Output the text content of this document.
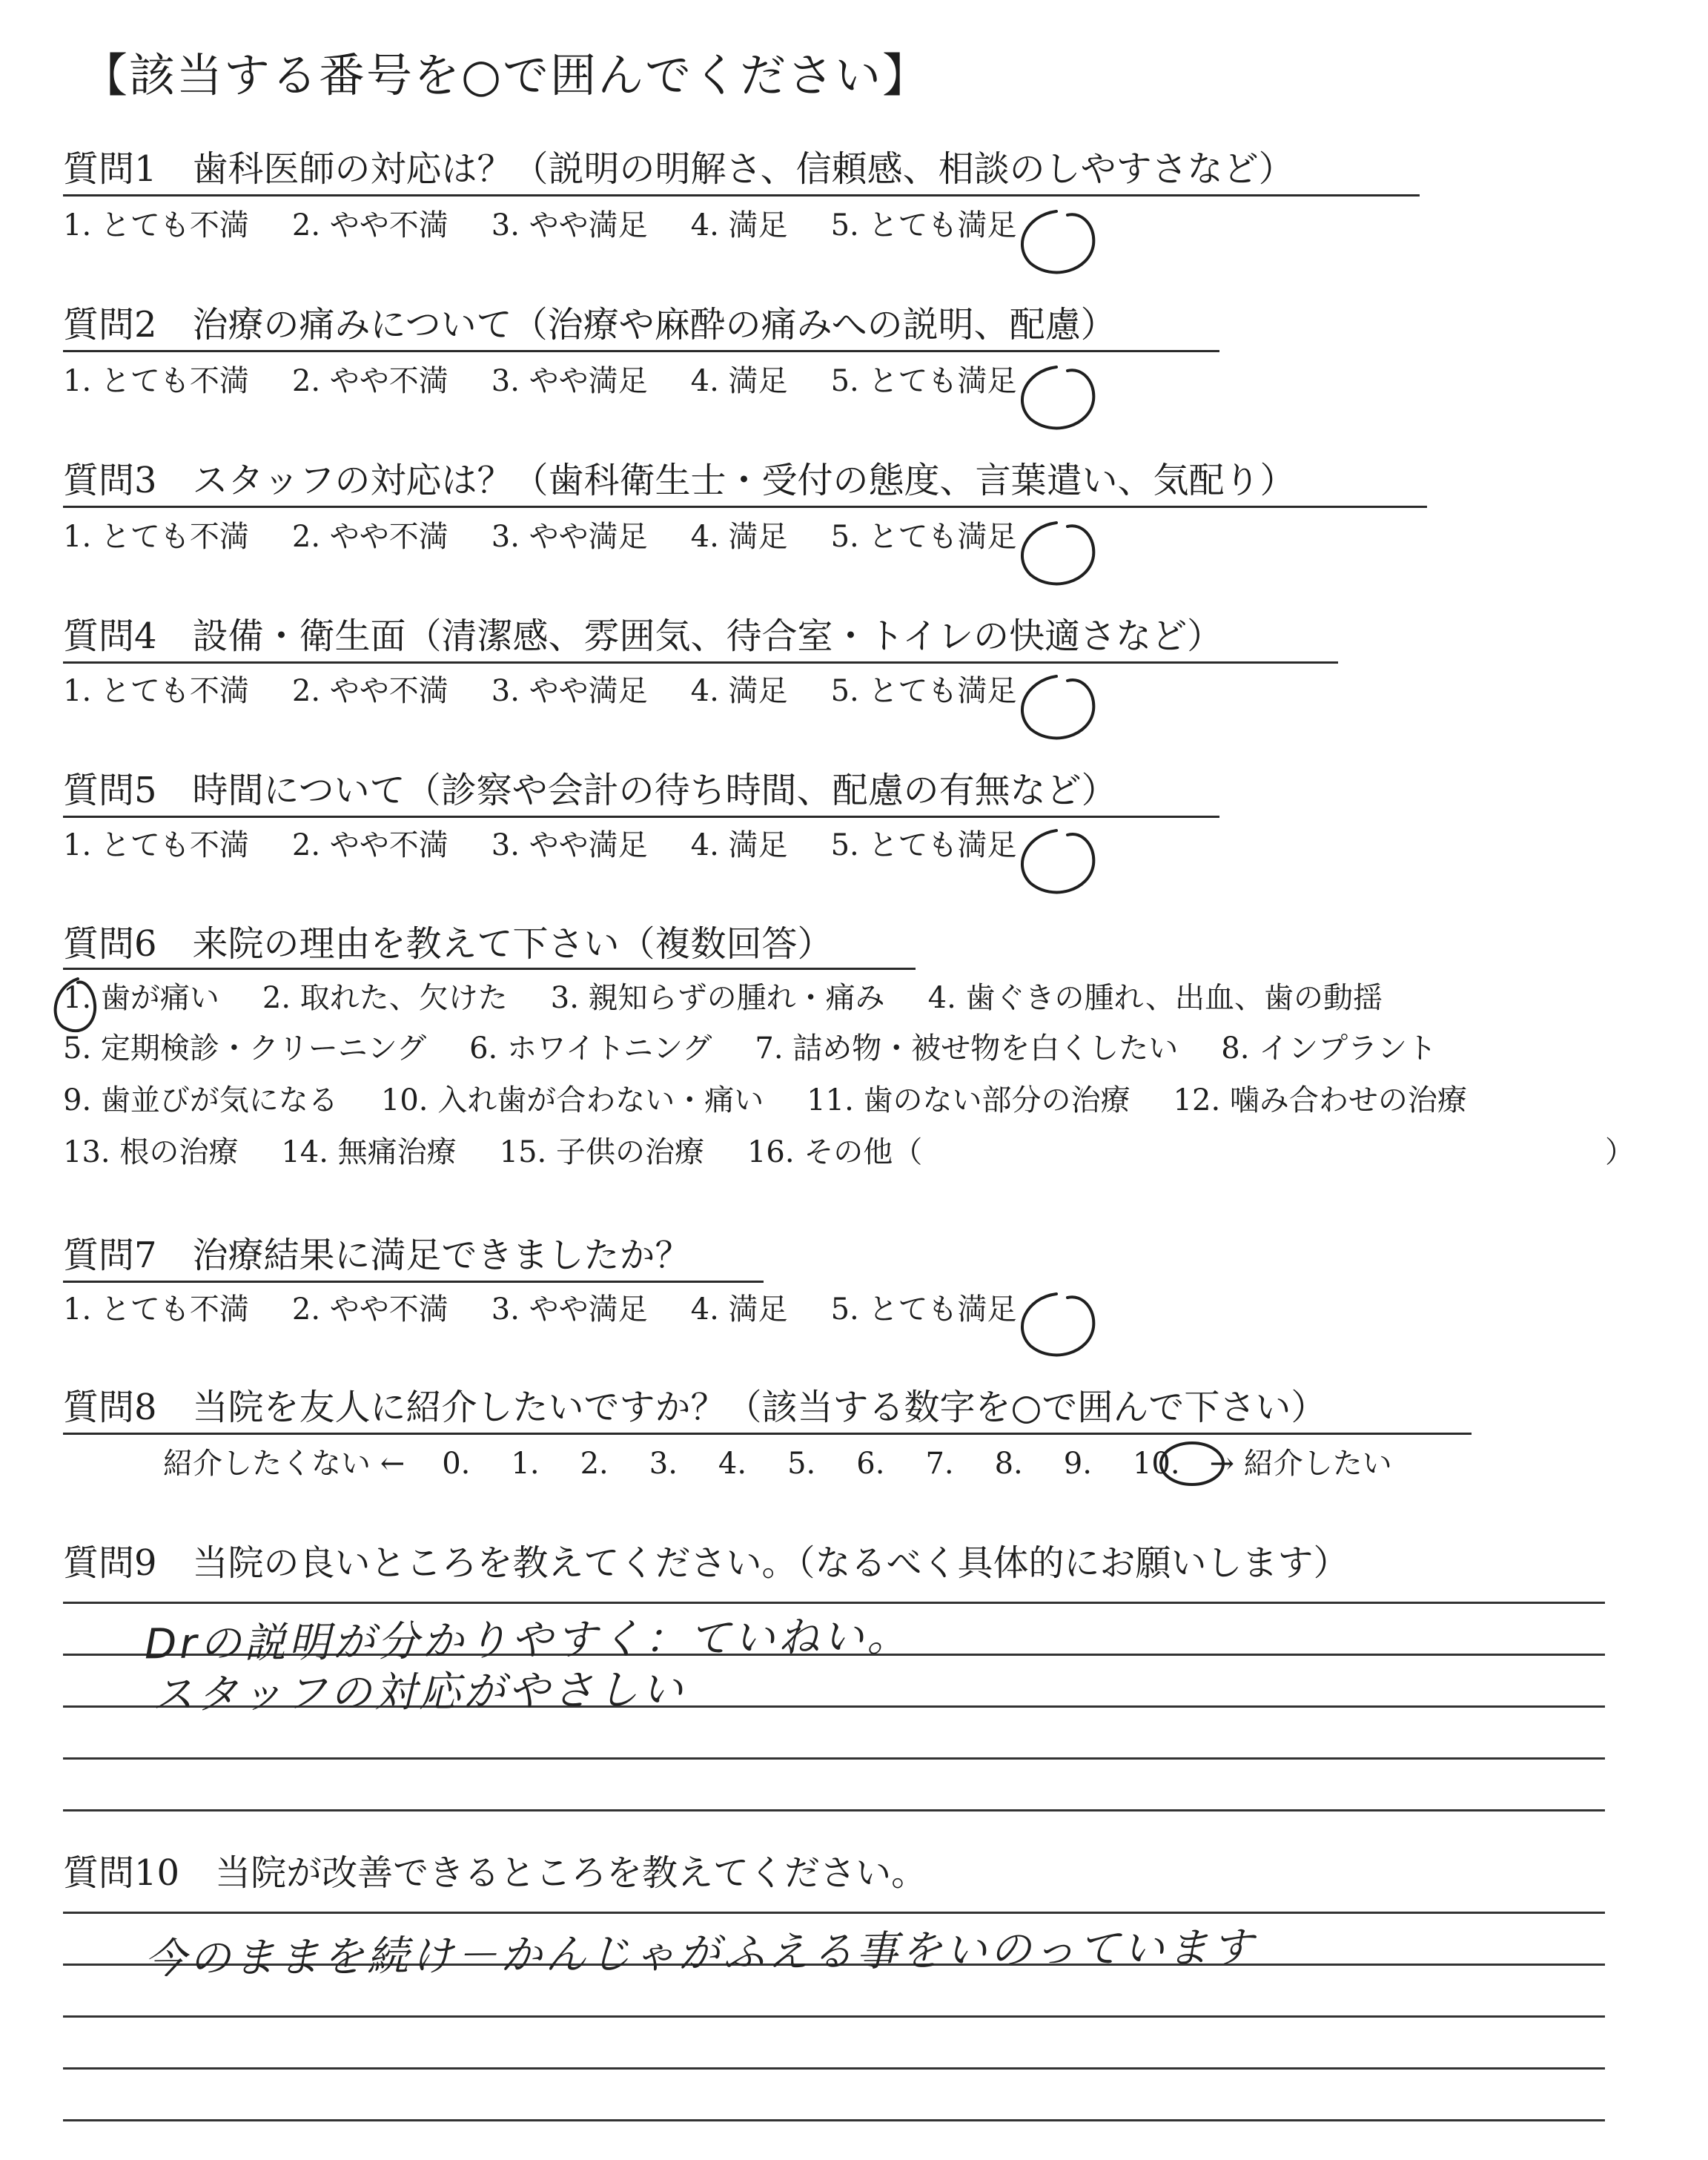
【該当する番号を○で囲んでください】
質問1　歯科医師の対応は？（説明の明解さ、信頼感、相談のしやすさなど）
1. とても不満 2. やや不満 3. やや満足 4. 満足 5. とても満足
質問2　治療の痛みについて（治療や麻酔の痛みへの説明、配慮）
1. とても不満 2. やや不満 3. やや満足 4. 満足 5. とても満足
質問3　スタッフの対応は？（歯科衛生士・受付の態度、言葉遣い、気配り）
1. とても不満 2. やや不満 3. やや満足 4. 満足 5. とても満足
質問4　設備・衛生面（清潔感、雰囲気、待合室・トイレの快適さなど）
1. とても不満 2. やや不満 3. やや満足 4. 満足 5. とても満足
質問5　時間について（診察や会計の待ち時間、配慮の有無など）
1. とても不満 2. やや不満 3. やや満足 4. 満足 5. とても満足
質問6　来院の理由を教えて下さい（複数回答）
1. 歯が痛い 2. 取れた、欠けた 3. 親知らずの腫れ・痛み 4. 歯ぐきの腫れ、出血、歯の動揺
5. 定期検診・クリーニング 6. ホワイトニング 7. 詰め物・被せ物を白くしたい 8. インプラント
9. 歯並びが気になる 10. 入れ歯が合わない・痛い 11. 歯のない部分の治療 12. 噛み合わせの治療
13. 根の治療 14. 無痛治療 15. 子供の治療 16. その他（	）
質問7　治療結果に満足できましたか？
1. とても不満 2. やや不満 3. やや満足 4. 満足 5. とても満足
質問8　当院を友人に紹介したいですか？（該当する数字を○で囲んで下さい）
紹介したくない ← 0. 1. 2. 3. 4. 5. 6. 7. 8. 9. 10. → 紹介したい
質問9　当院の良いところを教えてください。（なるべく具体的にお願いします）
Drの説明が分かりやすく：ていねい。
スタッフの対応がやさしい
質問10　当院が改善できるところを教えてください。
今のままを続け－かんじゃがふえる事をいのっています
